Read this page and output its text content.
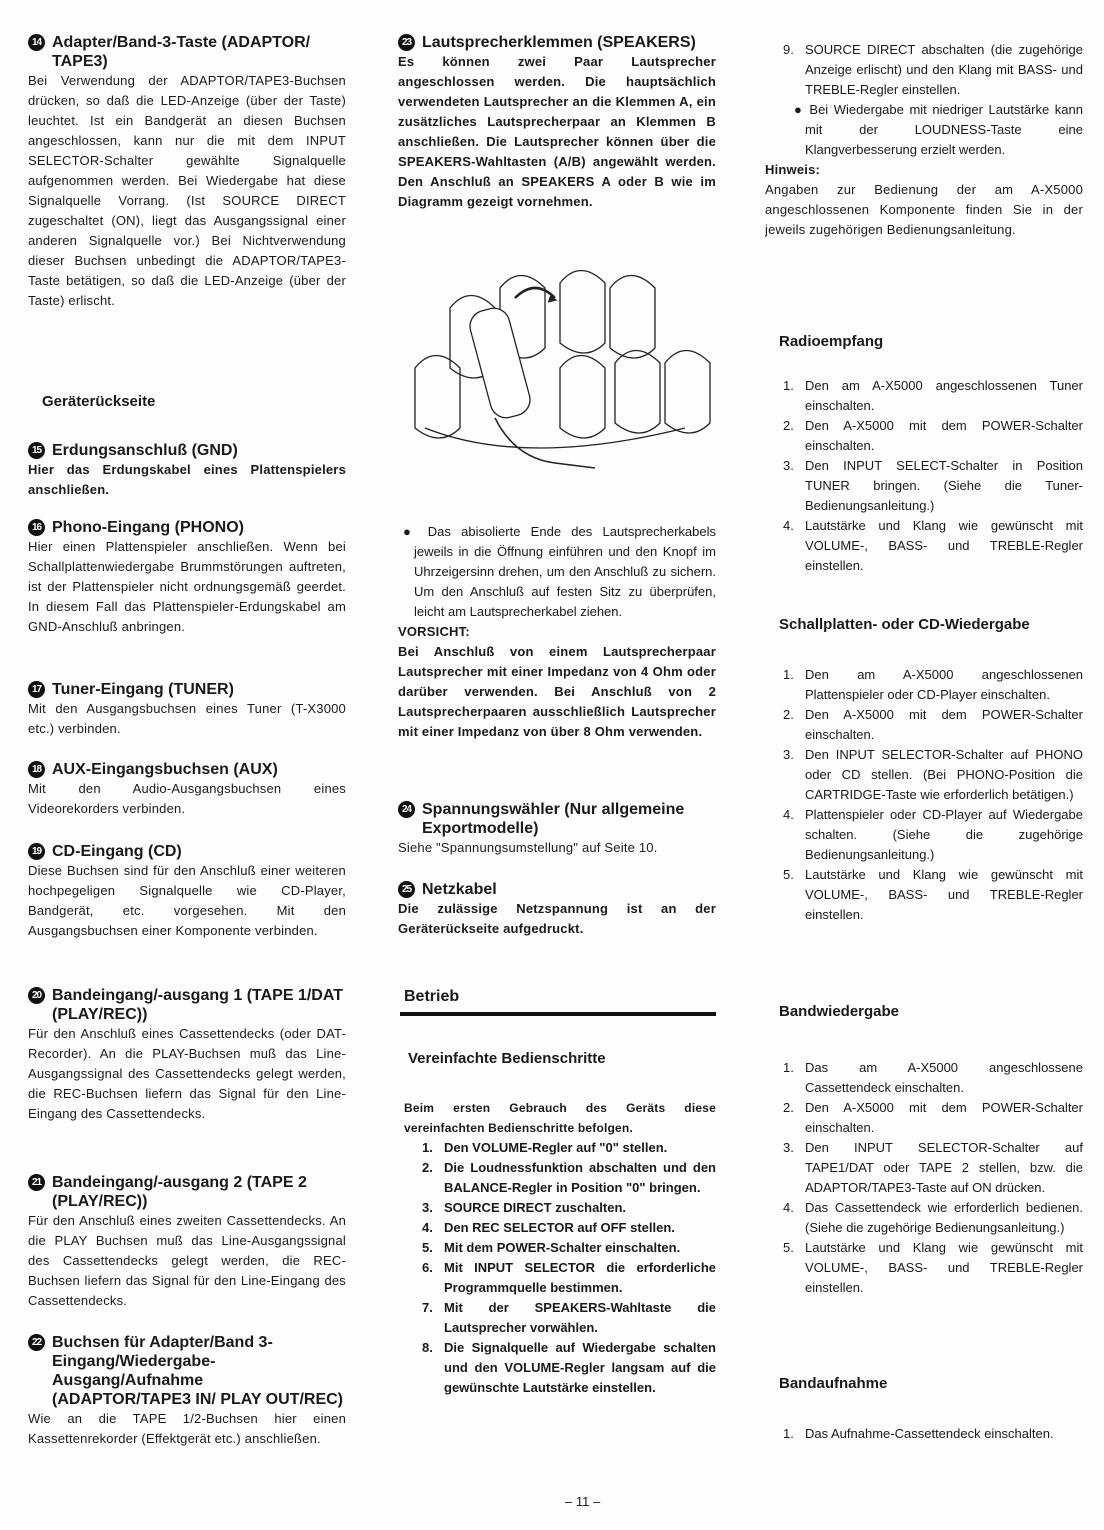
14 Adapter/Band-3-Taste (ADAPTOR/ TAPE3)
Bei Verwendung der ADAPTOR/TAPE3-Buchsen drücken, so daß die LED-Anzeige (über der Taste) leuchtet. Ist ein Bandgerät an diesen Buchsen angeschlossen, kann nur die mit dem INPUT SELECTOR-Schalter gewählte Signalquelle aufgenommen werden. Bei Wiedergabe hat diese Signalquelle Vorrang. (Ist SOURCE DIRECT zugeschaltet (ON), liegt das Ausgangssignal einer anderen Signalquelle vor.) Bei Nichtverwendung dieser Buchsen unbedingt die ADAPTOR/TAPE3-Taste betätigen, so daß die LED-Anzeige (über der Taste) erlischt.
Geräterückseite
15 Erdungsanschluß (GND)
Hier das Erdungskabel eines Plattenspielers anschließen.
16 Phono-Eingang (PHONO)
Hier einen Plattenspieler anschließen. Wenn bei Schallplattenwiedergabe Brummstörungen auftreten, ist der Plattenspieler nicht ordnungsgemäß geerdet. In diesem Fall das Plattenspieler-Erdungskabel am GND-Anschluß anbringen.
17 Tuner-Eingang (TUNER)
Mit den Ausgangsbuchsen eines Tuner (T-X3000 etc.) verbinden.
18 AUX-Eingangsbuchsen (AUX)
Mit den Audio-Ausgangsbuchsen eines Videorekorders verbinden.
19 CD-Eingang (CD)
Diese Buchsen sind für den Anschluß einer weiteren hochpegeligen Signalquelle wie CD-Player, Bandgerät, etc. vorgesehen. Mit den Ausgangsbuchsen einer Komponente verbinden.
20 Bandeingang/-ausgang 1 (TAPE 1/DAT (PLAY/REC))
Für den Anschluß eines Cassettendecks (oder DAT-Recorder). An die PLAY-Buchsen muß das Line-Ausgangssignal des Cassettendecks gelegt werden, die REC-Buchsen liefern das Signal für den Line-Eingang des Cassettendecks.
21 Bandeingang/-ausgang 2 (TAPE 2 (PLAY/REC))
Für den Anschluß eines zweiten Cassettendecks. An die PLAY Buchsen muß das Line-Ausgangssignal des Cassettendecks gelegt werden, die REC-Buchsen liefern das Signal für den Line-Eingang des Cassettendecks.
22 Buchsen für Adapter/Band 3-Eingang/Wiedergabe-Ausgang/Aufnahme (ADAPTOR/TAPE3 IN/ PLAY OUT/REC)
Wie an die TAPE 1/2-Buchsen hier einen Kassettenrekorder (Effektgerät etc.) anschließen.
23 Lautsprecherklemmen (SPEAKERS)
Es können zwei Paar Lautsprecher angeschlossen werden. Die hauptsächlich verwendeten Lautsprecher an die Klemmen A, ein zusätzliches Lautsprecherpaar an Klemmen B anschließen. Die Lautsprecher können über die SPEAKERS-Wahltasten (A/B) angewählt werden. Den Anschluß an SPEAKERS A oder B wie im Diagramm gezeigt vornehmen.
● Das abisolierte Ende des Lautsprecherkabels jeweils in die Öffnung einführen und den Knopf im Uhrzeigersinn drehen, um den Anschluß zu sichern. Um den Anschluß auf festen Sitz zu überprüfen, leicht am Lautsprecherkabel ziehen.
VORSICHT:
Bei Anschluß von einem Lautsprecherpaar Lautsprecher mit einer Impedanz von 4 Ohm oder darüber verwenden. Bei Anschluß von 2 Lautsprecherpaaren ausschließlich Lautsprecher mit einer Impedanz von über 8 Ohm verwenden.
24 Spannungswähler (Nur allgemeine Exportmodelle)
Siehe "Spannungsumstellung" auf Seite 10.
25 Netzkabel
Die zulässige Netzspannung ist an der Geräterückseite aufgedruckt.
Betrieb
Vereinfachte Bedienschritte
Beim ersten Gebrauch des Geräts diese vereinfachten Bedienschritte befolgen.
1. Den VOLUME-Regler auf "0" stellen.
2. Die Loudnessfunktion abschalten und den BALANCE-Regler in Position "0" bringen.
3. SOURCE DIRECT zuschalten.
4. Den REC SELECTOR auf OFF stellen.
5. Mit dem POWER-Schalter einschalten.
6. Mit INPUT SELECTOR die erforderliche Programmquelle bestimmen.
7. Mit der SPEAKERS-Wahltaste die Lautsprecher vorwählen.
8. Die Signalquelle auf Wiedergabe schalten und den VOLUME-Regler langsam auf die gewünschte Lautstärke einstellen.
9. SOURCE DIRECT abschalten (die zugehörige Anzeige erlischt) und den Klang mit BASS- und TREBLE-Regler einstellen.
● Bei Wiedergabe mit niedriger Lautstärke kann mit der LOUDNESS-Taste eine Klangverbesserung erzielt werden.
Hinweis:
Angaben zur Bedienung der am A-X5000 angeschlossenen Komponente finden Sie in der jeweils zugehörigen Bedienungsanleitung.
Radioempfang
1. Den am A-X5000 angeschlossenen Tuner einschalten.
2. Den A-X5000 mit dem POWER-Schalter einschalten.
3. Den INPUT SELECT-Schalter in Position TUNER bringen. (Siehe die Tuner-Bedienungsanleitung.)
4. Lautstärke und Klang wie gewünscht mit VOLUME-, BASS- und TREBLE-Regler einstellen.
Schallplatten- oder CD-Wiedergabe
1. Den am A-X5000 angeschlossenen Plattenspieler oder CD-Player einschalten.
2. Den A-X5000 mit dem POWER-Schalter einschalten.
3. Den INPUT SELECTOR-Schalter auf PHONO oder CD stellen. (Bei PHONO-Position die CARTRIDGE-Taste wie erforderlich betätigen.)
4. Plattenspieler oder CD-Player auf Wiedergabe schalten. (Siehe die zugehörige Bedienungsanleitung.)
5. Lautstärke und Klang wie gewünscht mit VOLUME-, BASS- und TREBLE-Regler einstellen.
Bandwiedergabe
1. Das am A-X5000 angeschlossene Cassettendeck einschalten.
2. Den A-X5000 mit dem POWER-Schalter einschalten.
3. Den INPUT SELECTOR-Schalter auf TAPE1/DAT oder TAPE 2 stellen, bzw. die ADAPTOR/TAPE3-Taste auf ON drücken.
4. Das Cassettendeck wie erforderlich bedienen. (Siehe die zugehörige Bedienungsanleitung.)
5. Lautstärke und Klang wie gewünscht mit VOLUME-, BASS- und TREBLE-Regler einstellen.
Bandaufnahme
1. Das Aufnahme-Cassettendeck einschalten.
– 11 –
